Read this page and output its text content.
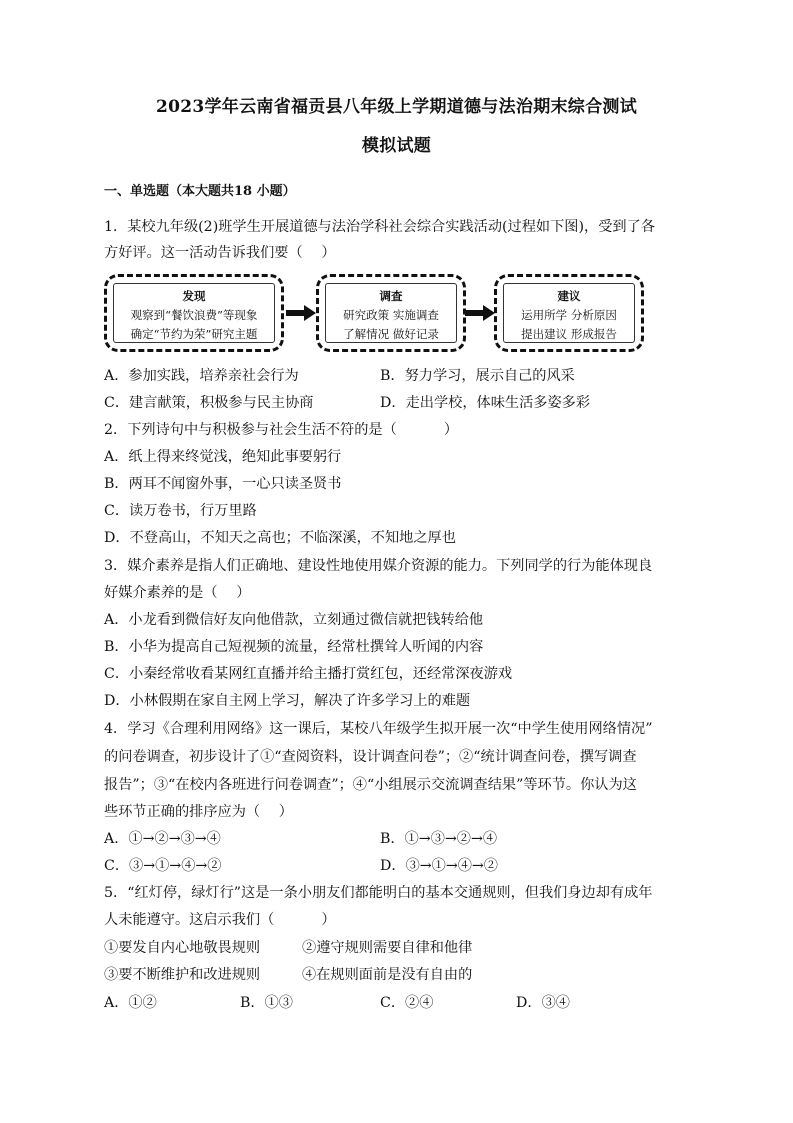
2023学年云南省福贡县八年级上学期道德与法治期末综合测试
模拟试题
一、单选题（本大题共18 小题）
1．某校九年级(2)班学生开展道德与法治学科社会综合实践活动(过程如下图)，受到了各
方好评。这一活动告诉我们要（　 ）
发现
观察到“餐饮浪费”等现象
确定“节约为荣”研究主题
调查
研究政策 实施调查
了解情况 做好记录
建议
运用所学 分析原因
提出建议 形成报告
A．参加实践，培养亲社会行为	B．努力学习，展示自己的风采
C．建言献策，积极参与民主协商	D．走出学校，体味生活多姿多彩
2．下列诗句中与积极参与社会生活不符的是（　 　　）
A．纸上得来终觉浅，绝知此事要躬行
B．两耳不闻窗外事，一心只读圣贤书
C．读万卷书，行万里路
D．不登高山，不知天之高也；不临深溪，不知地之厚也
3．媒介素养是指人们正确地、建设性地使用媒介资源的能力。下列同学的行为能体现良
好媒介素养的是（　 ）
A．小龙看到微信好友向他借款，立刻通过微信就把钱转给他
B．小华为提高自己短视频的流量，经常杜撰耸人听闻的内容
C．小秦经常收看某网红直播并给主播打赏红包，还经常深夜游戏
D．小林假期在家自主网上学习，解决了许多学习上的难题
4．学习《合理利用网络》这一课后，某校八年级学生拟开展一次“中学生使用网络情况”
的问卷调查，初步设计了①“查阅资料，设计调查问卷”；②“统计调查问卷，撰写调查
报告”；③“在校内各班进行问卷调查”；④“小组展示交流调查结果”等环节。你认为这
些环节正确的排序应为（　 ）
A．①→②→③→④	B．①→③→②→④
C．③→①→④→②	D．③→①→④→②
5．“红灯停，绿灯行”这是一条小朋友们都能明白的基本交通规则，但我们身边却有成年
人未能遵守。这启示我们（　 　　）
①要发自内心地敬畏规则	②遵守规则需要自律和他律
③要不断维护和改进规则	④在规则面前是没有自由的
A．①②	B．①③	C．②④	D．③④
